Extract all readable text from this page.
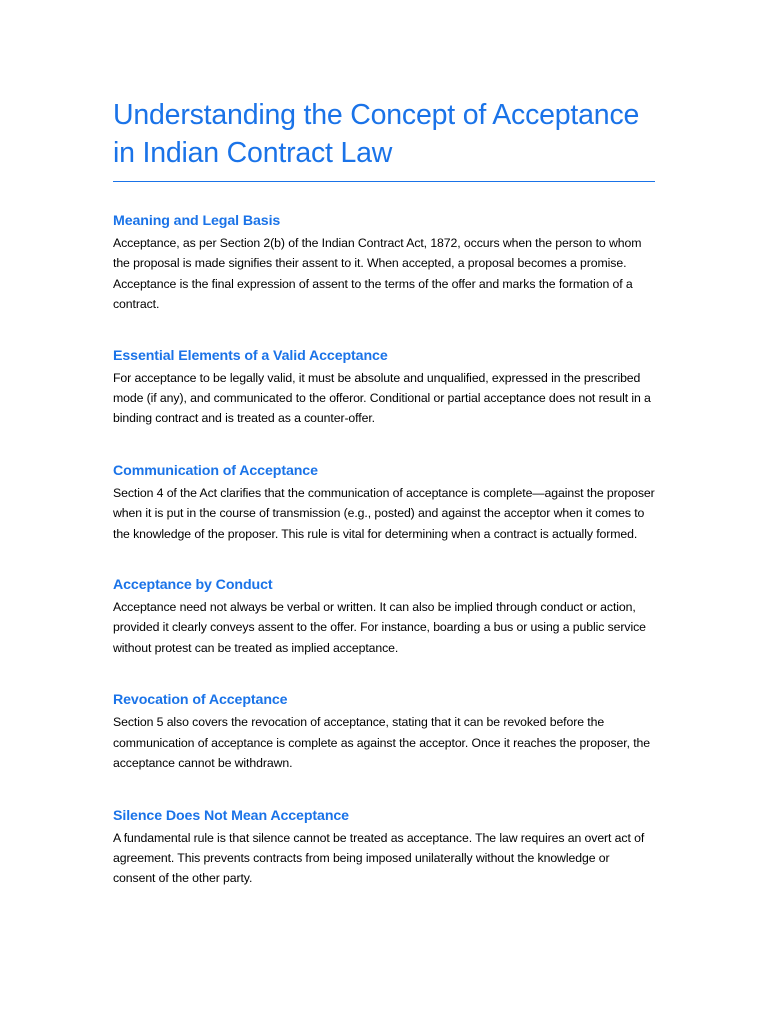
Understanding the Concept of Acceptance in Indian Contract Law
Meaning and Legal Basis

Acceptance, as per Section 2(b) of the Indian Contract Act, 1872, occurs when the person to whom the proposal is made signifies their assent to it. When accepted, a proposal becomes a promise. Acceptance is the final expression of assent to the terms of the offer and marks the formation of a contract.

Essential Elements of a Valid Acceptance

For acceptance to be legally valid, it must be absolute and unqualified, expressed in the prescribed mode (if any), and communicated to the offeror. Conditional or partial acceptance does not result in a binding contract and is treated as a counter-offer.

Communication of Acceptance

Section 4 of the Act clarifies that the communication of acceptance is complete—against the proposer when it is put in the course of transmission (e.g., posted) and against the acceptor when it comes to the knowledge of the proposer. This rule is vital for determining when a contract is actually formed.

Acceptance by Conduct

Acceptance need not always be verbal or written. It can also be implied through conduct or action, provided it clearly conveys assent to the offer. For instance, boarding a bus or using a public service without protest can be treated as implied acceptance.

Revocation of Acceptance

Section 5 also covers the revocation of acceptance, stating that it can be revoked before the communication of acceptance is complete as against the acceptor. Once it reaches the proposer, the acceptance cannot be withdrawn.

Silence Does Not Mean Acceptance

A fundamental rule is that silence cannot be treated as acceptance. The law requires an overt act of agreement. This prevents contracts from being imposed unilaterally without the knowledge or consent of the other party.
